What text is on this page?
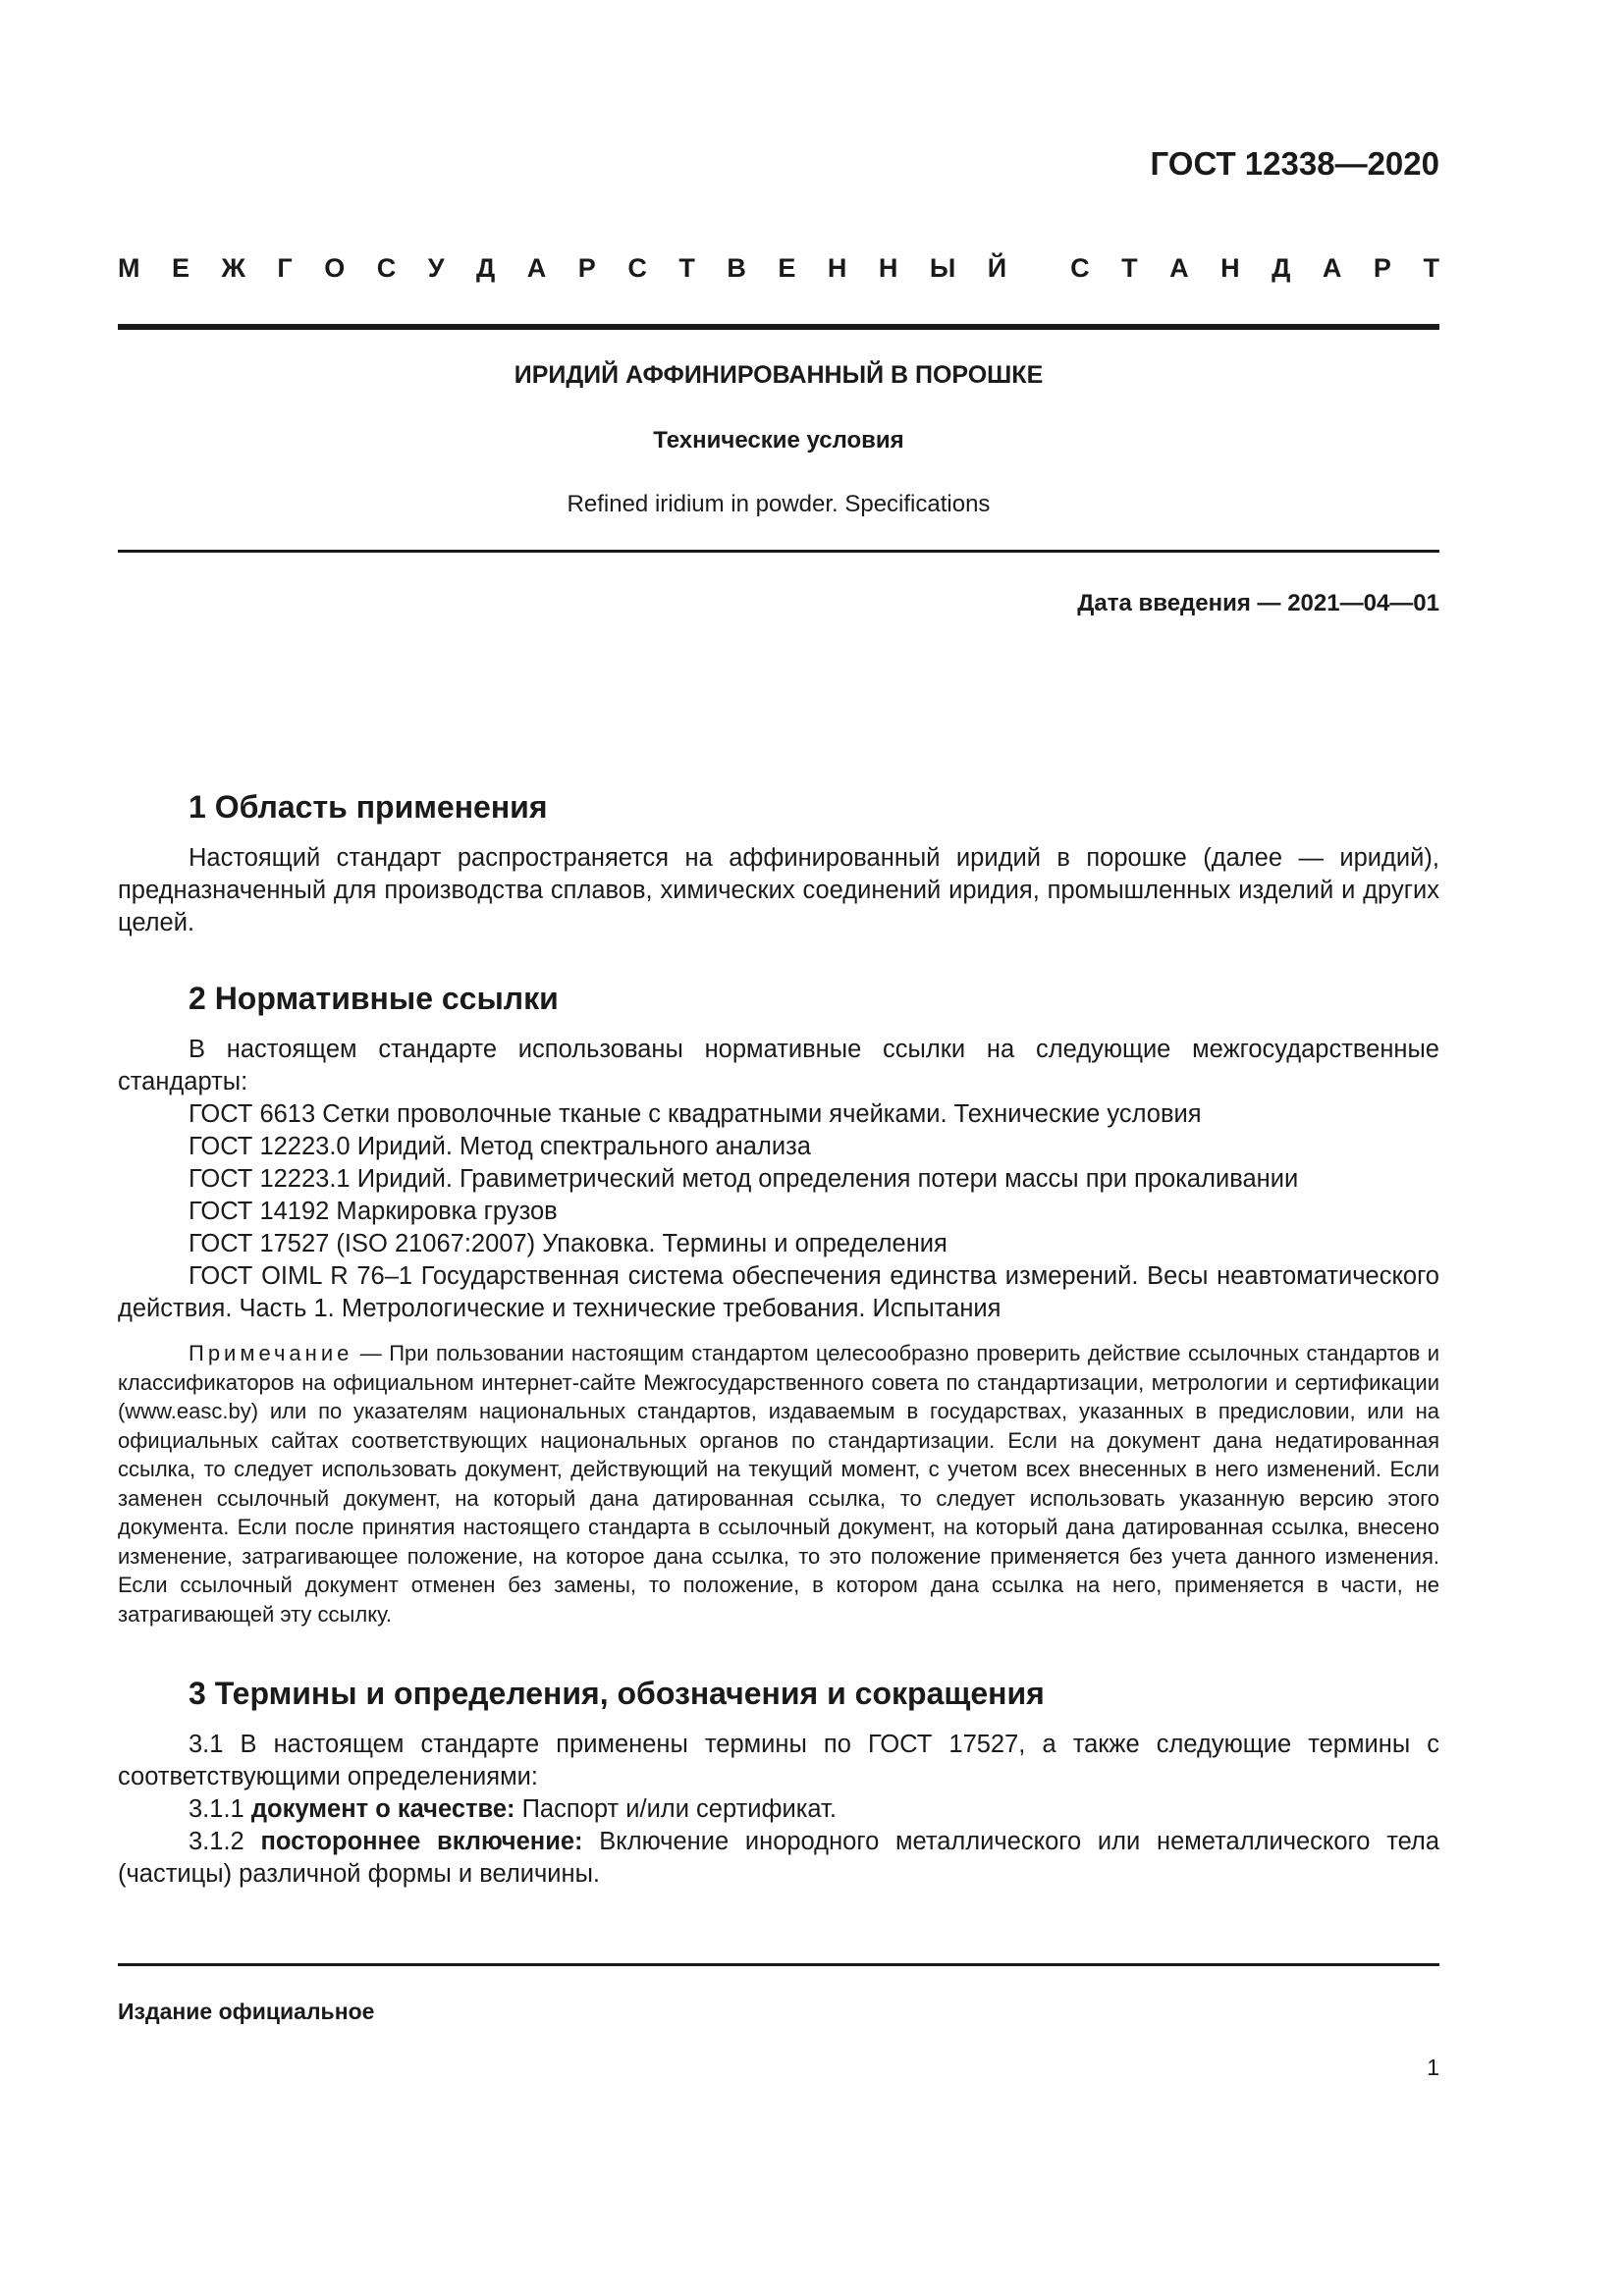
ГОСТ 12338—2020
М Е Ж Г О С У Д А Р С Т В Е Н Н Ы Й С Т А Н Д А Р Т
ИРИДИЙ АФФИНИРОВАННЫЙ В ПОРОШКЕ
Технические условия
Refined iridium in powder. Specifications
Дата введения — 2021—04—01
1 Область применения

Настоящий стандарт распространяется на аффинированный иридий в порошке (далее — иридий), предназначенный для производства сплавов, химических соединений иридия, промышленных изделий и других целей.

2 Нормативные ссылки

В настоящем стандарте использованы нормативные ссылки на следующие межгосударственные стандарты:

ГОСТ 6613 Сетки проволочные тканые с квадратными ячейками. Технические условия
ГОСТ 12223.0 Иридий. Метод спектрального анализа
ГОСТ 12223.1 Иридий. Гравиметрический метод определения потери массы при прокаливании
ГОСТ 14192 Маркировка грузов
ГОСТ 17527 (ISO 21067:2007) Упаковка. Термины и определения
ГОСТ OIML R 76–1 Государственная система обеспечения единства измерений. Весы неавтоматического действия. Часть 1. Метрологические и технические требования. Испытания

Примечание — При пользовании настоящим стандартом целесообразно проверить действие ссылочных стандартов и классификаторов на официальном интернет-сайте Межгосударственного совета по стандартизации, метрологии и сертификации (www.easc.by) или по указателям национальных стандартов, издаваемым в государствах, указанных в предисловии, или на официальных сайтах соответствующих национальных органов по стандартизации. Если на документ дана недатированная ссылка, то следует использовать документ, действующий на текущий момент, с учетом всех внесенных в него изменений. Если заменен ссылочный документ, на который дана датированная ссылка, то следует использовать указанную версию этого документа. Если после принятия настоящего стандарта в ссылочный документ, на который дана датированная ссылка, внесено изменение, затрагивающее положение, на которое дана ссылка, то это положение применяется без учета данного изменения. Если ссылочный документ отменен без замены, то положение, в котором дана ссылка на него, применяется в части, не затрагивающей эту ссылку.

3 Термины и определения, обозначения и сокращения

3.1 В настоящем стандарте применены термины по ГОСТ 17527, а также следующие термины с соответствующими определениями:

3.1.1 документ о качестве: Паспорт и/или сертификат.

3.1.2 постороннее включение: Включение инородного металлического или неметаллического тела (частицы) различной формы и величины.

Издание официальное
1
